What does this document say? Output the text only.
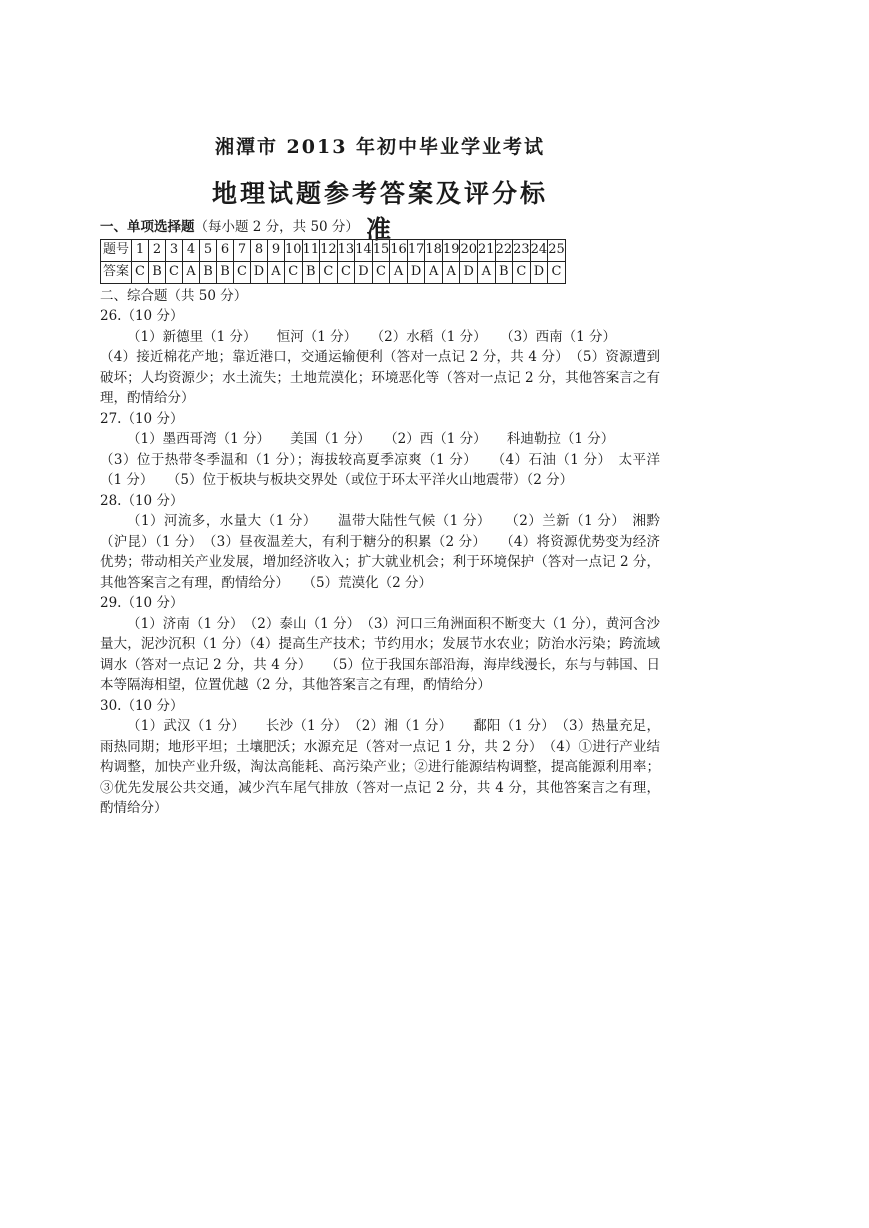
湘潭市 2013 年初中毕业学业考试
地理试题参考答案及评分标准

一、单项选择题（每小题 2 分，共 50 分）

题号	1	2	3	4	5	6	7	8	9	10	11	12	13	14	15	16	17	18	19	20	21	22	23	24	25
答案	C	B	C	A	B	B	C	D	A	C	B	C	C	D	C	A	D	A	A	D	A	B	C	D	C

二、综合题（共 50 分）

26.（10 分）

（1）新德里（1 分）　　恒河（1 分）　　（2）水稻（1 分）　　（3）西南（1 分）

（4）接近棉花产地；靠近港口，交通运输便利（答对一点记 2 分，共 4 分）　（5）资源遭到破坏；人均资源少；水土流失；土地荒漠化；环境恶化等（答对一点记 2 分，其他答案言之有理，酌情给分）

27.（10 分）

（1）墨西哥湾（1 分）　　美国（1 分）　　（2）西（1 分）　　科迪勒拉（1 分）

（3）位于热带冬季温和（1 分）；海拔较高夏季凉爽（1 分）　　（4）石油（1 分）　太平洋（1 分）　　（5）位于板块与板块交界处（或位于环太平洋火山地震带）（2 分）

28.（10 分）

（1）河流多，水量大（1 分）　　温带大陆性气候（1 分）　　（2）兰新（1 分）　湘黔（沪昆）（1 分）　（3）昼夜温差大，有利于糖分的积累（2 分）　　（4）将资源优势变为经济优势；带动相关产业发展，增加经济收入；扩大就业机会；利于环境保护（答对一点记 2 分，其他答案言之有理，酌情给分）　　（5）荒漠化（2 分）

29.（10 分）

（1）济南（1 分）　（2）泰山（1 分）　（3）河口三角洲面积不断变大（1 分），黄河含沙量大，泥沙沉积（1 分）（4）提高生产技术；节约用水；发展节水农业；防治水污染；跨流域调水（答对一点记 2 分，共 4 分）　　（5）位于我国东部沿海，海岸线漫长，东与与韩国、日本等隔海相望，位置优越（2 分，其他答案言之有理，酌情给分）

30.（10 分）

（1）武汉（1 分）　　长沙（1 分）　（2）湘（1 分）　　鄱阳（1 分）　（3）热量充足，雨热同期；地形平坦；土壤肥沃；水源充足（答对一点记 1 分，共 2 分）　（4）①进行产业结构调整，加快产业升级，淘汰高能耗、高污染产业；②进行能源结构调整，提高能源利用率；③优先发展公共交通，减少汽车尾气排放（答对一点记 2 分，共 4 分，其他答案言之有理，酌情给分）
